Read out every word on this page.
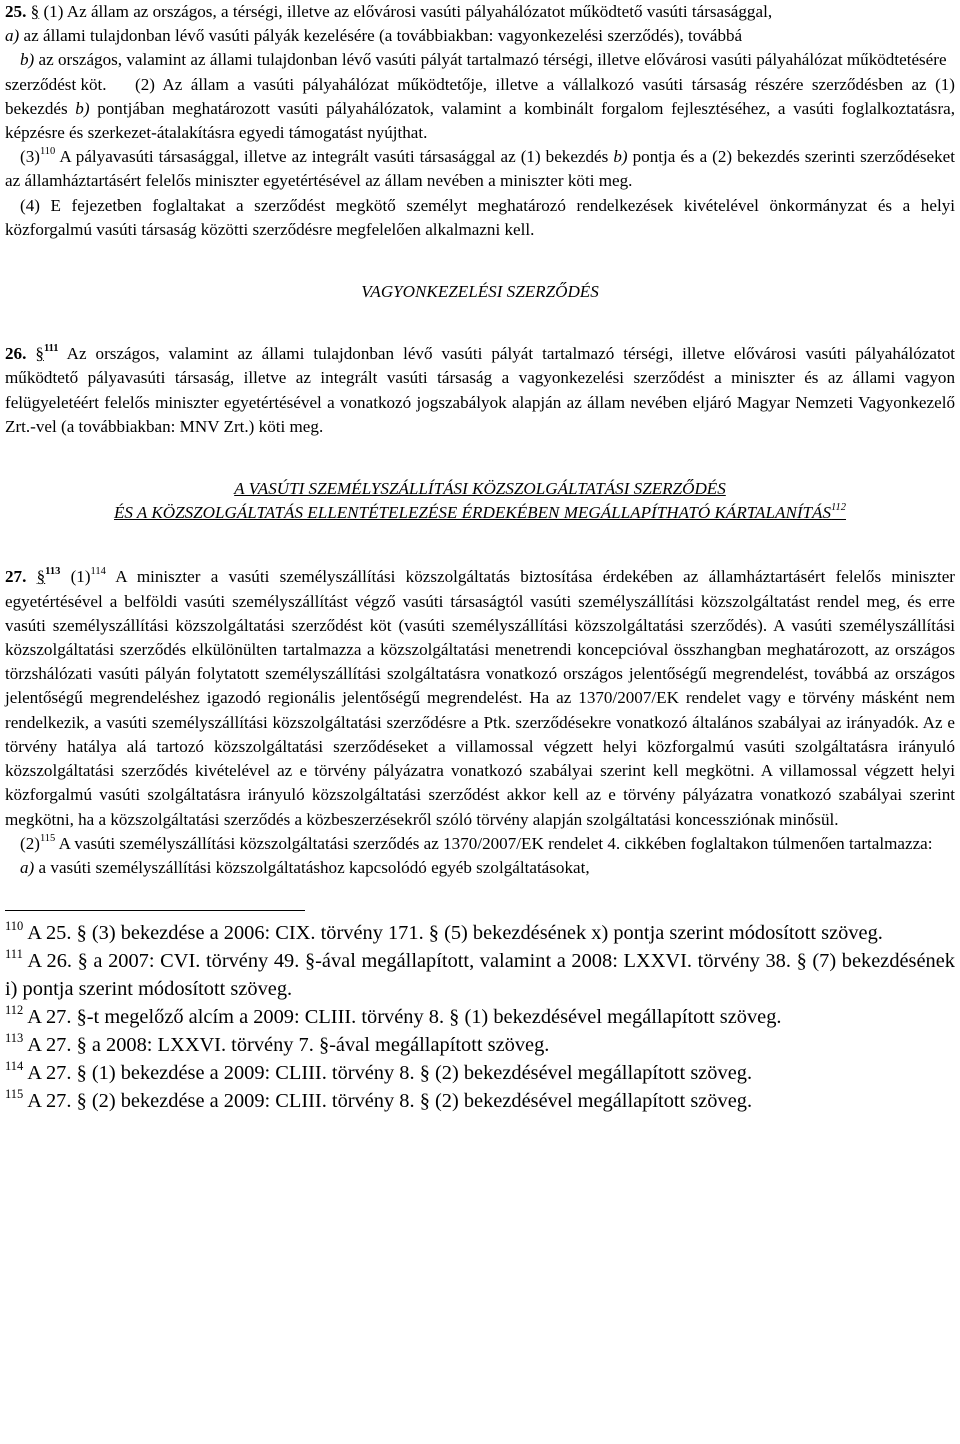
25. § (1) Az állam az országos, a térségi, illetve az elővárosi vasúti pályahálózatot működtető vasúti társasággal,

a) az állami tulajdonban lévő vasúti pályák kezelésére (a továbbiakban: vagyonkezelési szerződés), továbbá

b) az országos, valamint az állami tulajdonban lévő vasúti pályát tartalmazó térségi, illetve elővárosi vasúti pályahálózat működtetésére

szerződést köt.	(2) Az állam a vasúti pályahálózat működtetője, illetve a vállalkozó vasúti társaság részére szerződésben az (1) bekezdés b) pontjában meghatározott vasúti pályahálózatok, valamint a kombinált forgalom fejlesztéséhez, a vasúti foglalkoztatásra, képzésre és szerkezet-átalakításra egyedi támogatást nyújthat.

$(3)^{110}$ A pályavasúti társasággal, illetve az integrált vasúti társasággal az (1) bekezdés b) pontja és a (2) bekezdés szerinti szerződéseket az államháztartásért felelős miniszter egyetértésével az állam nevében a miniszter köti meg.

(4) E fejezetben foglaltakat a szerződést megkötő személyt meghatározó rendelkezések kivételével önkormányzat és a helyi közforgalmú vasúti társaság közötti szerződésre megfelelően alkalmazni kell.

VAGYONKEZELÉSI SZERZŐDÉS

26. §$^{111}$ Az országos, valamint az állami tulajdonban lévő vasúti pályát tartalmazó térségi, illetve elővárosi vasúti pályahálózatot működtető pályavasúti társaság, illetve az integrált vasúti társaság a vagyonkezelési szerződést a miniszter és az állami vagyon felügyeletéért felelős miniszter egyetértésével a vonatkozó jogszabályok alapján az állam nevében eljáró Magyar Nemzeti Vagyonkezelő Zrt.-vel (a továbbiakban: MNV Zrt.) köti meg.

A VASÚTI SZEMÉLYSZÁLLÍTÁSI KÖZSZOLGÁLTATÁSI SZERZŐDÉS

ÉS A KÖZSZOLGÁLTATÁS ELLENTÉTELEZÉSE ÉRDEKÉBEN MEGÁLLAPÍTHATÓ KÁRTALANÍTÁS$^{112}$

27. §$^{113}$ $(1)^{114}$ A miniszter a vasúti személyszállítási közszolgáltatás biztosítása érdekében az államháztartásért felelős miniszter egyetértésével a belföldi vasúti személyszállítást végző vasúti társaságtól vasúti személyszállítási közszolgáltatást rendel meg, és erre vasúti személyszállítási közszolgáltatási szerződést köt (vasúti személyszállítási közszolgáltatási szerződés). A vasúti személyszállítási közszolgáltatási szerződés elkülönülten tartalmazza a közszolgáltatási menetrendi koncepcióval összhangban meghatározott, az országos törzshálózati vasúti pályán folytatott személyszállítási szolgáltatásra vonatkozó országos jelentőségű megrendelést, továbbá az országos jelentőségű megrendeléshez igazodó regionális jelentőségű megrendelést. Ha az 1370/2007/EK rendelet vagy e törvény másként nem rendelkezik, a vasúti személyszállítási közszolgáltatási szerződésre a Ptk. szerződésekre vonatkozó általános szabályai az irányadók. Az e törvény hatálya alá tartozó közszolgáltatási szerződéseket a villamossal végzett helyi közforgalmú vasúti szolgáltatásra irányuló közszolgáltatási szerződés kivételével az e törvény pályázatra vonatkozó szabályai szerint kell megkötni. A villamossal végzett helyi közforgalmú vasúti szolgáltatásra irányuló közszolgáltatási szerződést akkor kell az e törvény pályázatra vonatkozó szabályai szerint megkötni, ha a közszolgáltatási szerződés a közbeszerzésekről szóló törvény alapján szolgáltatási koncessziónak minősül.

$(2)^{115}$ A vasúti személyszállítási közszolgáltatási szerződés az 1370/2007/EK rendelet 4. cikkében foglaltakon túlmenően tartalmazza:

a) a vasúti személyszállítási közszolgáltatáshoz kapcsolódó egyéb szolgáltatásokat,

$^{110}$ A 25. § (3) bekezdése a 2006: CIX. törvény 171. § (5) bekezdésének x) pontja szerint módosított szöveg.

$^{111}$ A 26. § a 2007: CVI. törvény 49. §-ával megállapított, valamint a 2008: LXXVI. törvény 38. § (7) bekezdésének i) pontja szerint módosított szöveg.

$^{112}$ A 27. §-t megelőző alcím a 2009: CLIII. törvény 8. § (1) bekezdésével megállapított szöveg.

$^{113}$ A 27. § a 2008: LXXVI. törvény 7. §-ával megállapított szöveg.

$^{114}$ A 27. § (1) bekezdése a 2009: CLIII. törvény 8. § (2) bekezdésével megállapított szöveg.

$^{115}$ A 27. § (2) bekezdése a 2009: CLIII. törvény 8. § (2) bekezdésével megállapított szöveg.
